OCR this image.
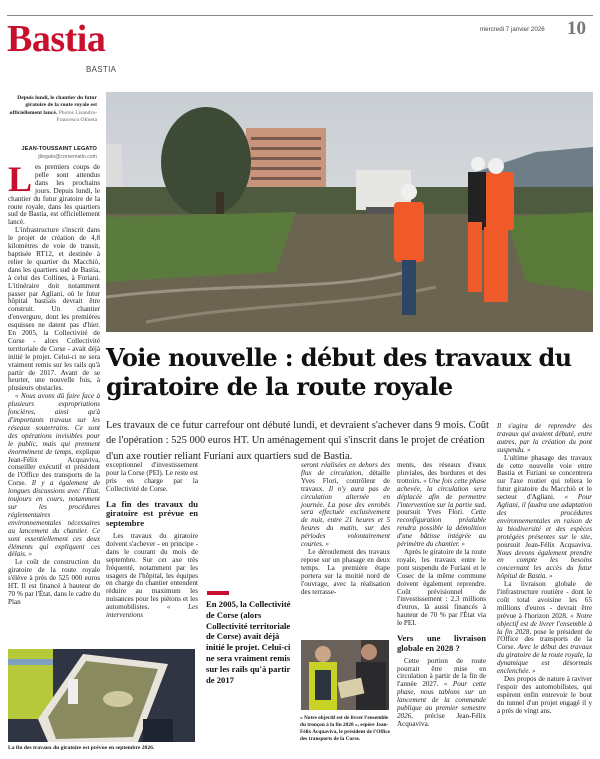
Bastia
BASTIA
mercredi 7 janvier 2026 10
Depuis lundi, le chantier du futur giratoire de la route royale est officiellement lancé. Photos Lisandru-Francescu Olmeta
JEAN-TOUSSAINT LEGATO
jtlegato@corsematin.com

Les premiers coups de pelle sont attendus dans les prochains jours. Depuis lundi, le chantier du futur giratoire de la route royale, dans les quartiers sud de Bastia, est officiellement lancé.

L'infrastructure s'inscrit dans le projet de création de 4,8 kilomètres de voie de transit, baptisée RT12, et destinée à relier le quartier du Macchiò, dans les quartiers sud de Bastia, à celui des Collines, à Furiani. L'itinéraire doit notamment passer par Agliani, où le futur hôpital bastiais devrait être construit. Un chantier d'envergure, dont les premières esquisses ne datent pas d'hier. En 2005, la Collectivité de Corse - alors Collectivité territoriale de Corse - avait déjà initié le projet. Celui-ci ne sera vraiment remis sur les rails qu'à partir de 2017. Avant de se heurter, une nouvelle fois, à plusieurs obstacles.

« Nous avons dû faire face à plusieurs expropriations foncières, ainsi qu'à d'importants travaux sur les réseaux souterrains. Ce sont des opérations invisibles pour le public, mais qui prennent énormément de temps, explique Jean-Félix Acquaviva, conseiller exécutif et président de l'Office des transports de la Corse. Il y a également de longues discussions avec l'État, toujours en cours, notamment sur les procédures réglementaires environnementales nécessaires au lancement du chantier. Ce sont essentiellement ces deux éléments qui expliquent ces délais. »

Le coût de construction du giratoire de la route royale s'élève à près de 525 000 euros HT. Il est financé à hauteur de 70 % par l'État, dans le cadre du Plan

Voie nouvelle : début des travaux du giratoire de la route royale
Les travaux de ce futur carrefour ont débuté lundi, et devraient s'achever dans 9 mois. Coût de l'opération : 525 000 euros HT. Un aménagement qui s'inscrit dans le projet de création d'un axe routier reliant Furiani aux quartiers sud de Bastia.

exceptionnel d'investissement pour la Corse (PEI). Le reste est pris en charge par la Collectivité de Corse.

La fin des travaux du giratoire est prévue en septembre

Les travaux du giratoire doivent s'achever - en principe - dans le courant du mois de septembre. Sur cet axe très fréquenté, notamment par les usagers de l'hôpital, les équipes en charge du chantier entendent réduire au maximum les nuisances pour les piétons et les automobilistes. « Les interventions

En 2005, la Collectivité de Corse (alors Collectivité territoriale de Corse) avait déjà initié le projet. Celui-ci ne sera vraiment remis sur les rails qu'à partir de 2017

seront réalisées en dehors des flux de circulation, détaille Yves Flori, contrôleur de travaux. Il n'y aura pas de circulation alternée en journée. La pose des enrobés sera effectuée exclusivement de nuit, entre 21 heures et 5 heures du matin, sur des périodes volontairement courtes. »

Le déroulement des travaux repose sur un phasage en deux temps. La première étape portera sur la moitié nord de l'ouvrage, avec la réalisation des terrasse-

ments, des réseaux d'eaux pluviales, des bordures et des trottoirs. « Une fois cette phase achevée, la circulation sera déplacée afin de permettre l'intervention sur la partie sud, poursuit Yves Flori. Cette reconfiguration préalable rendra possible la démolition d'une bâtisse intégrée au périmètre du chantier. »

Après le giratoire de la route royale, les travaux entre le pont suspendu de Furiani et le Cosec de la même commune doivent également reprendre. Coût prévisionnel de l'investissement : 2,3 millions d'euros, là aussi financés à hauteur de 70 % par l'État via le PEI.

Vers une livraison globale en 2028 ?

Cette portion de route pourrait être mise en circulation à partir de la fin de l'année 2027. « Pour cette phase, nous tablons sur un lancement de la commande publique au premier semestre 2026, précise Jean-Félix Acquaviva.

Il s'agira de reprendre des travaux qui avaient débuté, entre autres, par la création du pont suspendu. »

L'ultime phasage des travaux de cette nouvelle voie entre Bastia et Furiani se concentrera sur l'axe routier qui reliera le futur giratoire du Macchiò et le secteur d'Agliani. « Pour Agliani, il faudra une adaptation des procédures environnementales en raison de la biodiversité et des espèces protégées présentes sur le site, poursuit Jean-Félix Acquaviva. Nous devons également prendre en compte les besoins concernant les accès du futur hôpital de Bastia. »

La livraison globale de l'infrastructure routière - dont le coût total avoisine les 65 millions d'euros - devrait être prévue à l'horizon 2028. « Notre objectif est de livrer l'ensemble à la fin 2028, pose le président de l'Office des transports de la Corse. Avec le début des travaux du giratoire de la route royale, la dynamique est désormais enclenchée. »

Des propos de nature à raviver l'espoir des automobilistes, qui espèrent enfin entrevoir le bout du tunnel d'un projet engagé il y a près de vingt ans.

La fin des travaux du giratoire est prévue en septembre 2026.
« Notre objectif est de livrer l'ensemble du tronçon à la fin 2028 », espère Jean-Félix Acquaviva, le président de l'Office des transports de la Corse.
